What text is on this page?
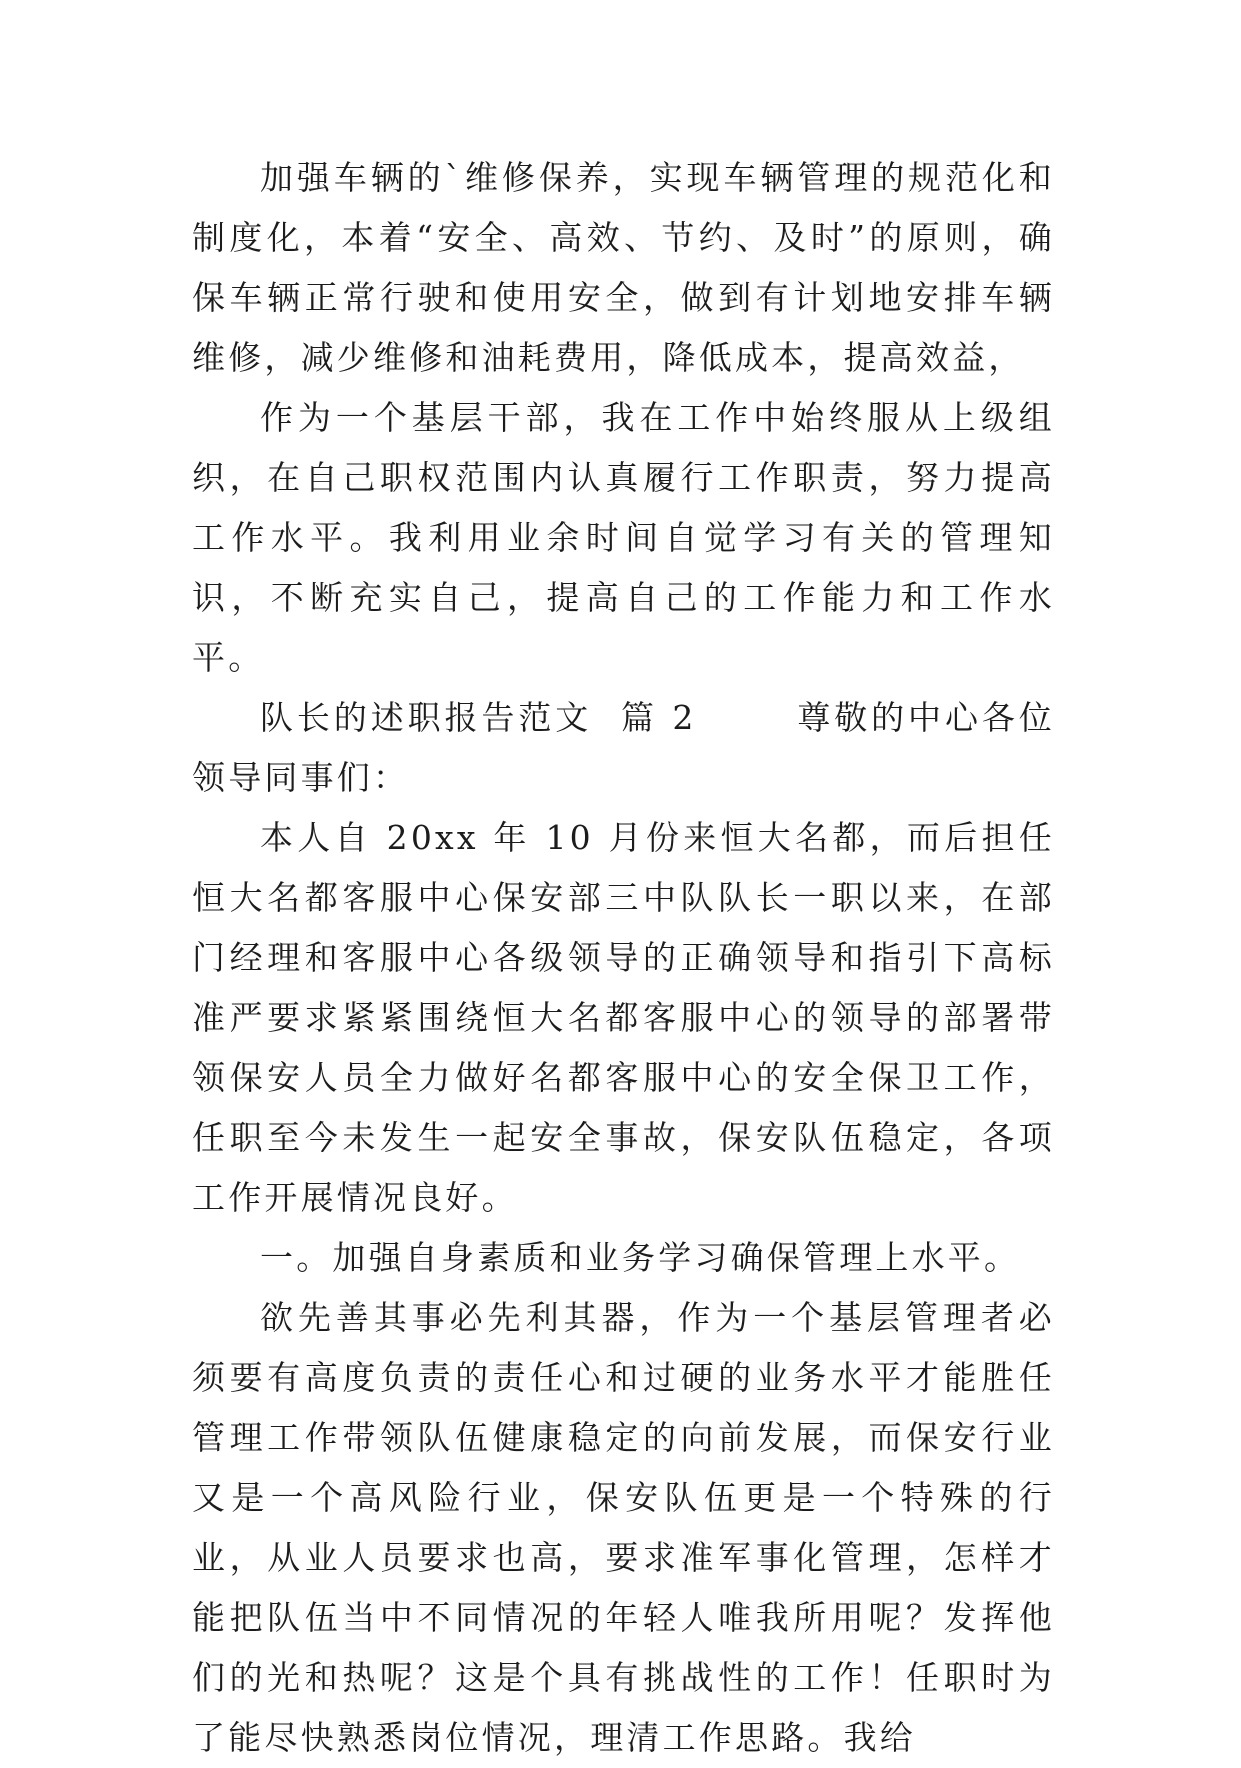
加强车辆的`维修保养，实现车辆管理的规范化和制度化，本着“安全、高效、节约、及时”的原则，确保车辆正常行驶和使用安全，做到有计划地安排车辆维修，减少维修和油耗费用，降低成本，提高效益，

作为一个基层干部，我在工作中始终服从上级组织，在自己职权范围内认真履行工作职责，努力提高工作水平。我利用业余时间自觉学习有关的管理知识，不断充实自己，提高自己的工作能力和工作水平。

队长的述职报告范文  篇 2       尊敬的中心各位领导同事们：

本人自 20xx 年 10 月份来恒大名都，而后担任恒大名都客服中心保安部三中队队长一职以来，在部门经理和客服中心各级领导的正确领导和指引下高标准严要求紧紧围绕恒大名都客服中心的领导的部署带领保安人员全力做好名都客服中心的安全保卫工作，任职至今未发生一起安全事故，保安队伍稳定，各项工作开展情况良好。

一。加强自身素质和业务学习确保管理上水平。

欲先善其事必先利其器，作为一个基层管理者必须要有高度负责的责任心和过硬的业务水平才能胜任管理工作带领队伍健康稳定的向前发展，而保安行业又是一个高风险行业，保安队伍更是一个特殊的行业，从业人员要求也高，要求准军事化管理，怎样才能把队伍当中不同情况的年轻人唯我所用呢？发挥他们的光和热呢？这是个具有挑战性的工作！任职时为了能尽快熟悉岗位情况，理清工作思路。我给
